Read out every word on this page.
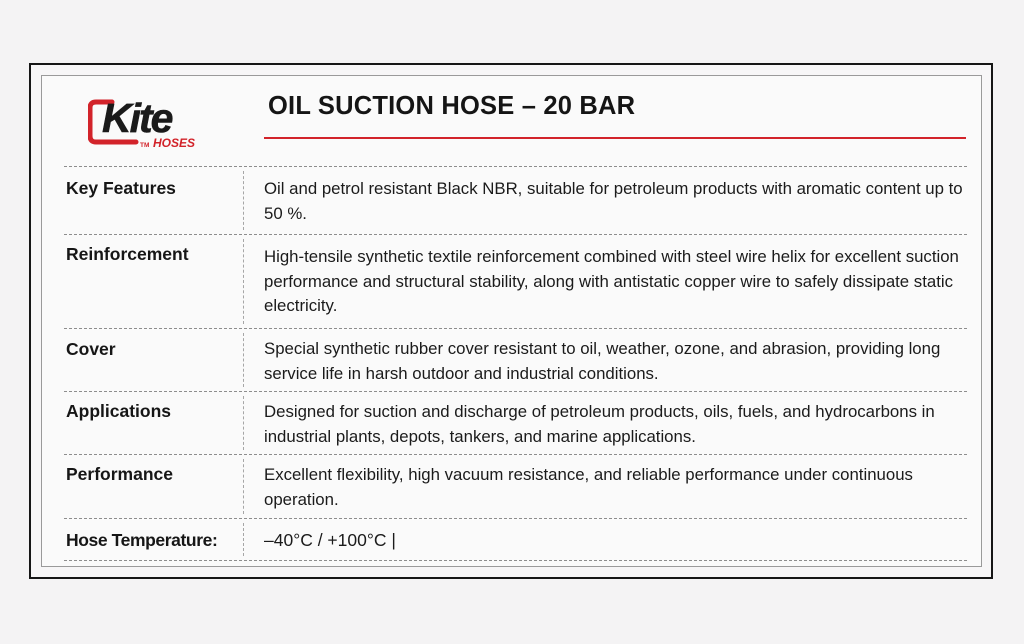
Kite
TM HOSES
OIL SUCTION HOSE – 20 BAR
Key Features	Oil and petrol resistant Black NBR, suitable for petroleum products with aromatic content up to 50 %.
Reinforcement	High-tensile synthetic textile reinforcement combined with steel wire helix for excellent suction performance and structural stability, along with antistatic copper wire to safely dissipate static electricity.
Cover	Special synthetic rubber cover resistant to oil, weather, ozone, and abrasion, providing long service life in harsh outdoor and industrial conditions.
Applications	Designed for suction and discharge of petroleum products, oils, fuels, and hydrocarbons in industrial plants, depots, tankers, and marine applications.
Performance	Excellent flexibility, high vacuum resistance, and reliable performance under continuous operation.
Hose Temperature:	–40°C / +100°C |
